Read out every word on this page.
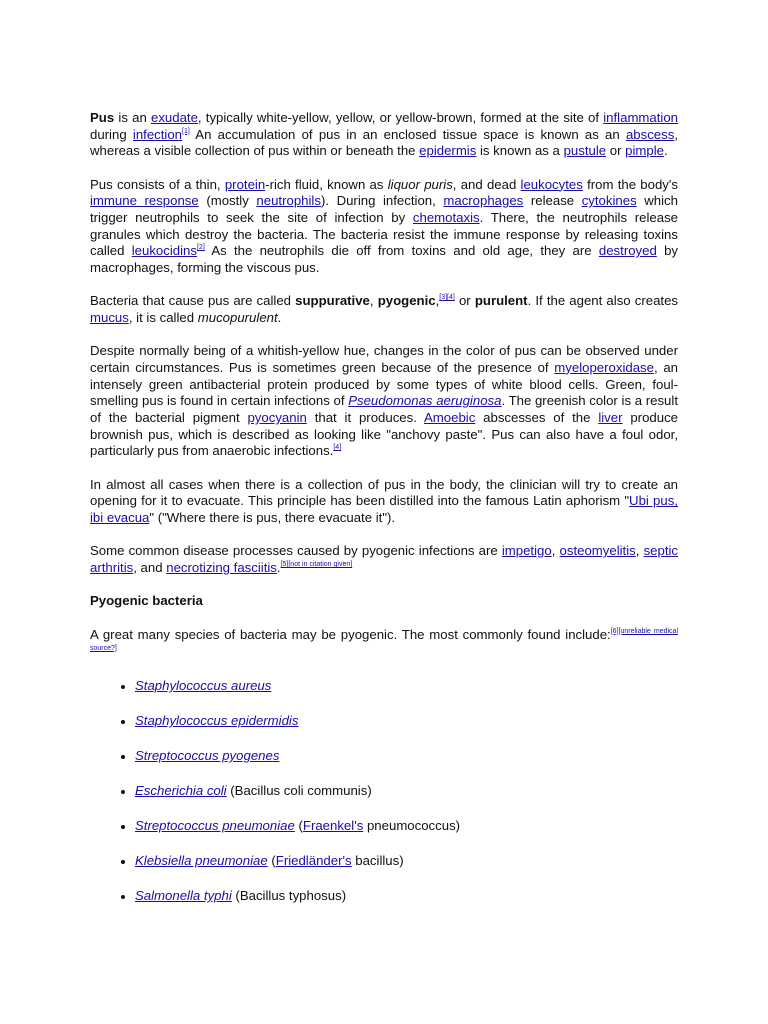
Pus is an exudate, typically white-yellow, yellow, or yellow-brown, formed at the site of inflammation during infection[1] An accumulation of pus in an enclosed tissue space is known as an abscess, whereas a visible collection of pus within or beneath the epidermis is known as a pustule or pimple.

Pus consists of a thin, protein-rich fluid, known as liquor puris, and dead leukocytes from the body's immune response (mostly neutrophils). During infection, macrophages release cytokines which trigger neutrophils to seek the site of infection by chemotaxis. There, the neutrophils release granules which destroy the bacteria. The bacteria resist the immune response by releasing toxins called leukocidins[2] As the neutrophils die off from toxins and old age, they are destroyed by macrophages, forming the viscous pus.

Bacteria that cause pus are called suppurative, pyogenic,[3][4] or purulent. If the agent also creates mucus, it is called mucopurulent.

Despite normally being of a whitish-yellow hue, changes in the color of pus can be observed under certain circumstances. Pus is sometimes green because of the presence of myeloperoxidase, an intensely green antibacterial protein produced by some types of white blood cells. Green, foul-smelling pus is found in certain infections of Pseudomonas aeruginosa. The greenish color is a result of the bacterial pigment pyocyanin that it produces. Amoebic abscesses of the liver produce brownish pus, which is described as looking like "anchovy paste". Pus can also have a foul odor, particularly pus from anaerobic infections.[4]

In almost all cases when there is a collection of pus in the body, the clinician will try to create an opening for it to evacuate. This principle has been distilled into the famous Latin aphorism "Ubi pus, ibi evacua" ("Where there is pus, there evacuate it").

Some common disease processes caused by pyogenic infections are impetigo, osteomyelitis, septic arthritis, and necrotizing fasciitis.[5][not in citation given]

Pyogenic bacteria

A great many species of bacteria may be pyogenic. The most commonly found include:[6][unreliable medical source?]

• Staphylococcus aureus
• Staphylococcus epidermidis
• Streptococcus pyogenes
• Escherichia coli (Bacillus coli communis)
• Streptococcus pneumoniae (Fraenkel's pneumococcus)
• Klebsiella pneumoniae (Friedländer's bacillus)
• Salmonella typhi (Bacillus typhosus)
